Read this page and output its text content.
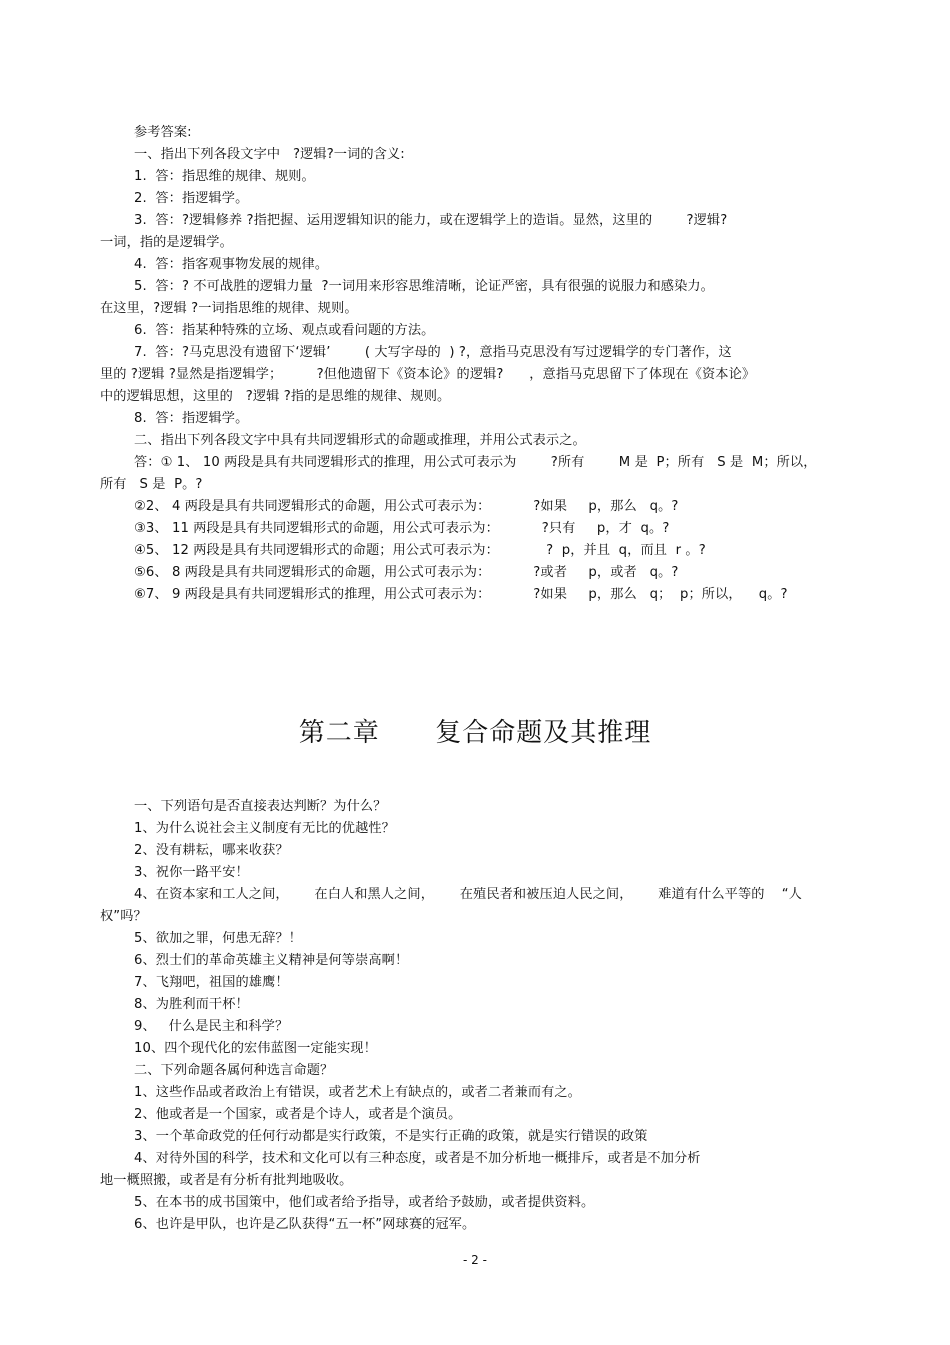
参考答案:
一、指出下列各段文字中   ?逻辑?一词的含义:
1.  答：指思维的规律、规则。
2.  答：指逻辑学。
3.  答：?逻辑修养 ?指把握、运用逻辑知识的能力，或在逻辑学上的造诣。显然，这里的        ?逻辑?
一词，指的是逻辑学。
4.  答：指客观事物发展的规律。
5.  答：? 不可战胜的逻辑力量  ?一词用来形容思维清晰，论证严密，具有很强的说服力和感染力。
在这里，?逻辑 ?一词指思维的规律、规则。
6.  答：指某种特殊的立场、观点或看问题的方法。
7.  答：?马克思没有遗留下‘逻辑’        ( 大写字母的  ) ?，意指马克思没有写过逻辑学的专门著作，这
里的 ?逻辑 ?显然是指逻辑学；        ?但他遗留下《资本论》的逻辑?      ，意指马克思留下了体现在《资本论》
中的逻辑思想，这里的   ?逻辑 ?指的是思维的规律、规则。
8.  答：指逻辑学。
二、指出下列各段文字中具有共同逻辑形式的命题或推理，并用公式表示之。
答：① 1、 10 两段是具有共同逻辑形式的推理，用公式可表示为        ?所有        M 是  P；所有   S 是  M；所以，
所有   S 是  P。?
②2、 4 两段是具有共同逻辑形式的命题，用公式可表示为：          ?如果     p，那么   q。?
③3、 11 两段是具有共同逻辑形式的命题，用公式可表示为：          ?只有     p，才  q。?
④5、 12 两段是具有共同逻辑形式的命题；用公式可表示为：           ?  p，并且  q，而且  r 。?
⑤6、 8 两段是具有共同逻辑形式的命题，用公式可表示为：          ?或者     p，或者   q。?
⑥7、 9 两段是具有共同逻辑形式的推理，用公式可表示为：          ?如果     p，那么   q；  p；所以，    q。?
第二章      复合命题及其推理
一、下列语句是否直接表达判断？为什么？
1、为什么说社会主义制度有无比的优越性？
2、没有耕耘，哪来收获？
3、祝你一路平安！
4、在资本家和工人之间，      在白人和黑人之间，      在殖民者和被压迫人民之间，      难道有什么平等的    “人
权”吗？
5、欲加之罪，何患无辞？！
6、烈士们的革命英雄主义精神是何等崇高啊！
7、飞翔吧，祖国的雄鹰！
8、为胜利而干杯！
9、   什么是民主和科学？
10、四个现代化的宏伟蓝图一定能实现！
二、下列命题各属何种选言命题？
1、这些作品或者政治上有错误，或者艺术上有缺点的，或者二者兼而有之。
2、他或者是一个国家，或者是个诗人，或者是个演员。
3、一个革命政党的任何行动都是实行政策，不是实行正确的政策，就是实行错误的政策
4、对待外国的科学，技术和文化可以有三种态度，或者是不加分析地一概排斥，或者是不加分析
地一概照搬，或者是有分析有批判地吸收。
5、在本书的成书国策中，他们或者给予指导，或者给予鼓励，或者提供资料。
6、也许是甲队，也许是乙队获得“五一杯”网球赛的冠军。
- 2 -
